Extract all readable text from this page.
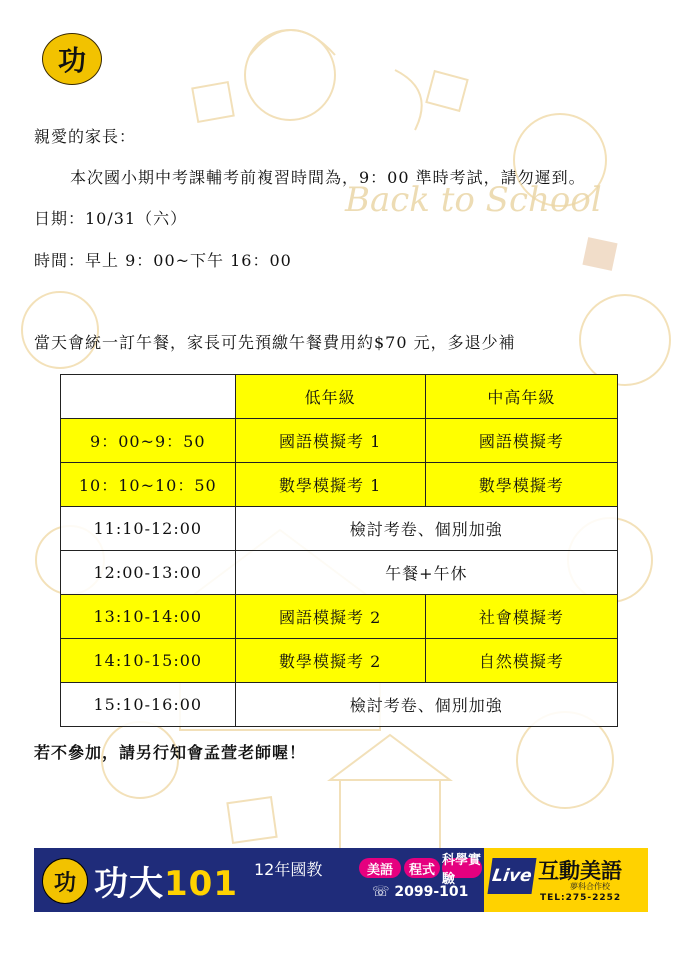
Back to School
功
親愛的家長：
本次國小期中考課輔考前複習時間為，9：00 準時考試，請勿遲到。
日期：10/31（六）
時間：早上 9：00~下午 16：00
當天會統一訂午餐，家長可先預繳午餐費用約$70 元，多退少補
	低年級	中高年級
9：00~9：50	國語模擬考 1	國語模擬考
10：10~10：50	數學模擬考 1	數學模擬考
11:10-12:00	檢討考卷、個別加強	
12:00-13:00	午餐+午休	
13:10-14:00	國語模擬考 2	社會模擬考
14:10-15:00	數學模擬考 2	自然模擬考
15:10-16:00	檢討考卷、個別加強	
若不參加，請另行知會孟萱老師喔！
功 功大101 12年國教	美語	程式
科學實驗
☏ 2099-101
Live 互動美語
夢科合作校
TEL:275-2252
